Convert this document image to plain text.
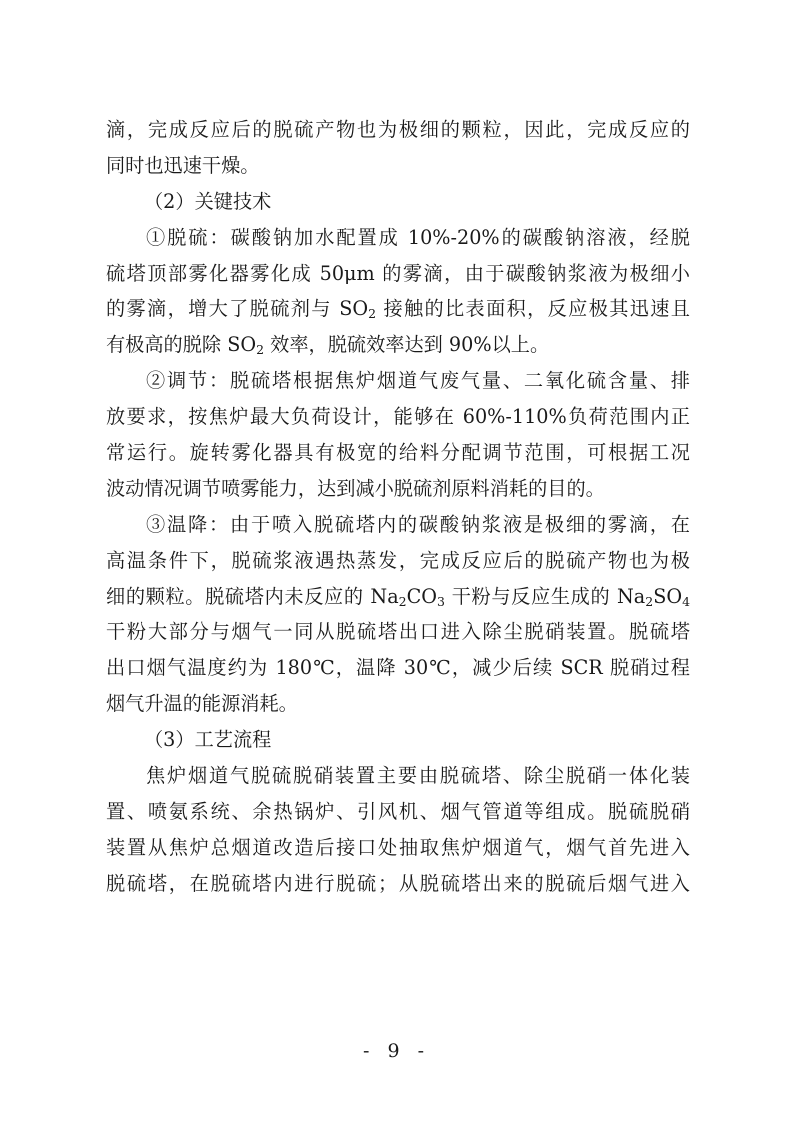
滴，完成反应后的脱硫产物也为极细的颗粒，因此，完成反应的
同时也迅速干燥。
（2）关键技术
①脱硫：碳酸钠加水配置成 10%-20%的碳酸钠溶液，经脱
硫塔顶部雾化器雾化成 50μm 的雾滴，由于碳酸钠浆液为极细小
的雾滴，增大了脱硫剂与 $SO_2$ 接触的比表面积，反应极其迅速且
有极高的脱除 $SO_2$ 效率，脱硫效率达到 90%以上。
②调节：脱硫塔根据焦炉烟道气废气量、二氧化硫含量、排
放要求，按焦炉最大负荷设计，能够在 60%-110%负荷范围内正
常运行。旋转雾化器具有极宽的给料分配调节范围，可根据工况
波动情况调节喷雾能力，达到减小脱硫剂原料消耗的目的。
③温降：由于喷入脱硫塔内的碳酸钠浆液是极细的雾滴，在
高温条件下，脱硫浆液遇热蒸发，完成反应后的脱硫产物也为极
细的颗粒。脱硫塔内未反应的 $Na_2CO_3$ 干粉与反应生成的 $Na_2SO_4$
干粉大部分与烟气一同从脱硫塔出口进入除尘脱硝装置。脱硫塔
出口烟气温度约为 180℃，温降 30℃，减少后续 SCR 脱硝过程
烟气升温的能源消耗。
（3）工艺流程
焦炉烟道气脱硫脱硝装置主要由脱硫塔、除尘脱硝一体化装
置、喷氨系统、余热锅炉、引风机、烟气管道等组成。脱硫脱硝
装置从焦炉总烟道改造后接口处抽取焦炉烟道气，烟气首先进入
脱硫塔，在脱硫塔内进行脱硫；从脱硫塔出来的脱硫后烟气进入
- 9 -
